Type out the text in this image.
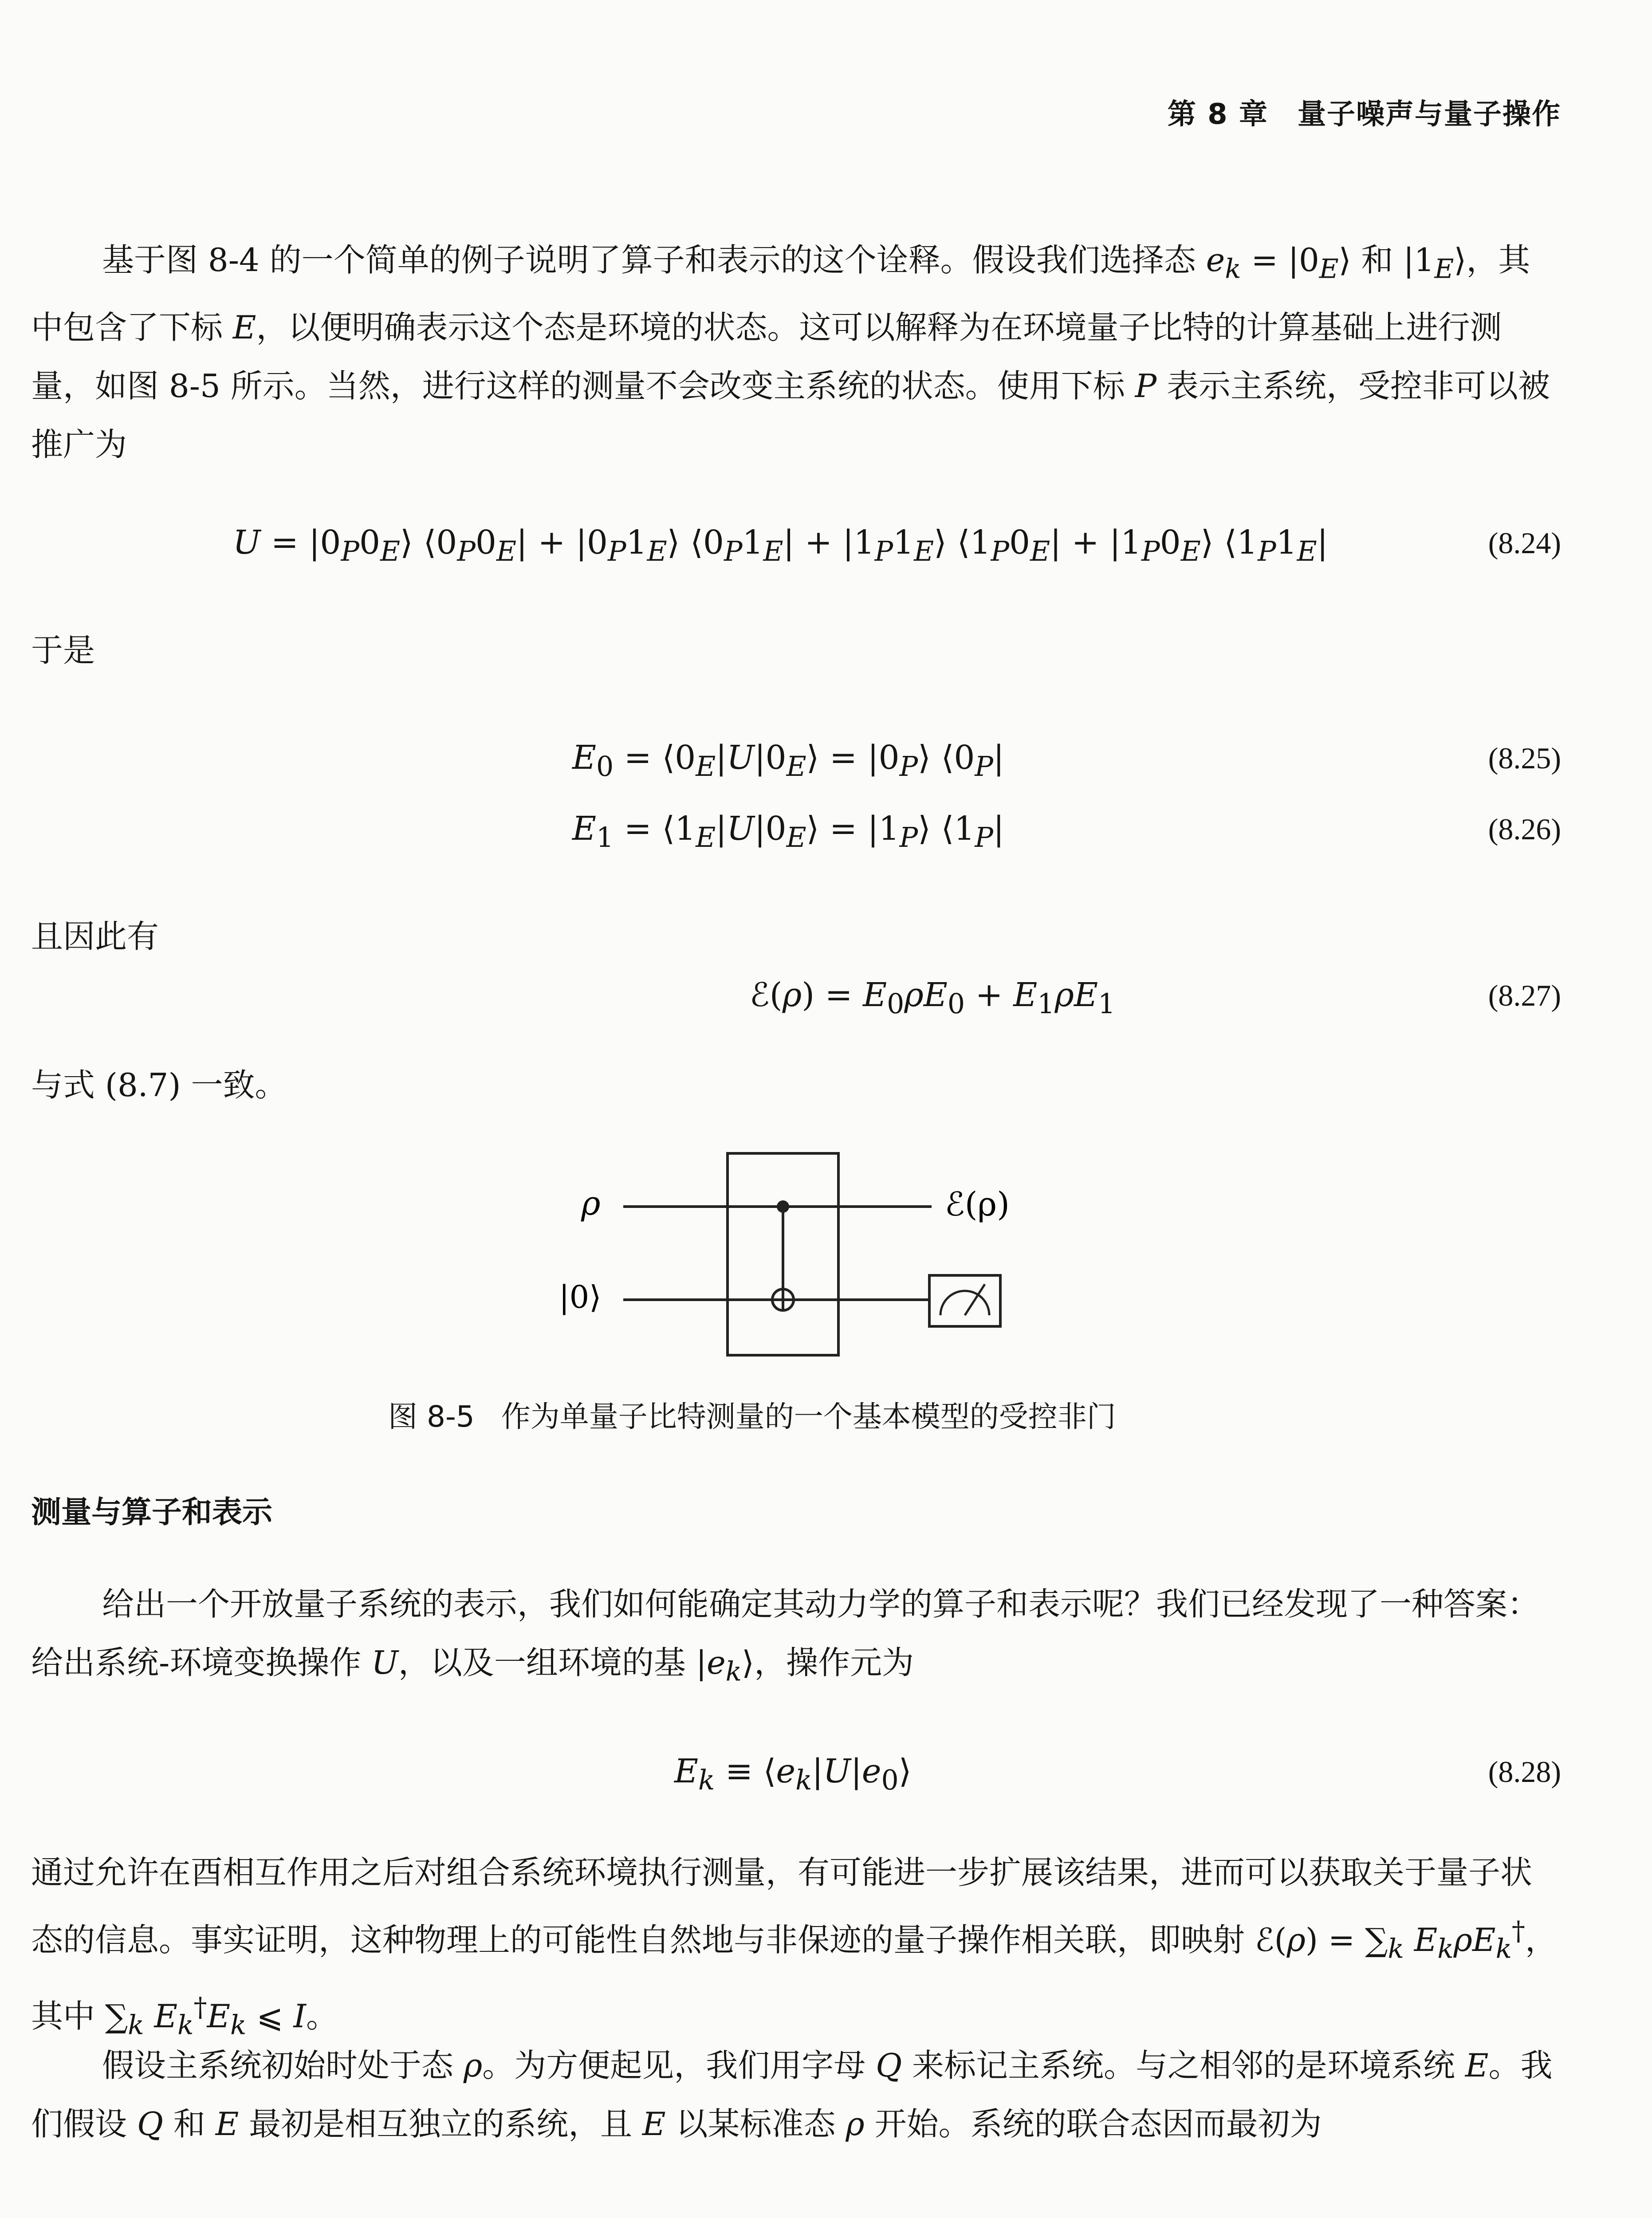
第 8 章　量子噪声与量子操作

基于图 8-4 的一个简单的例子说明了算子和表示的这个诠释。假设我们选择态 $e_k$ = $|0_E⟩$ 和 $|1_E⟩$，其中包含了下标 E，以便明确表示这个态是环境的状态。这可以解释为在环境量子比特的计算基础上进行测量，如图 8-5 所示。当然，进行这样的测量不会改变主系统的状态。使用下标 P 表示主系统，受控非可以被推广为

$U = |0_P0_E⟩$ $⟨0_P0_E|$ + $|0_P1_E⟩$ $⟨0_P1_E|$ + $|1_P1_E⟩$ $⟨1_P0_E|$ + $|1_P0_E⟩$ $⟨1_P1_E|$	(8.24)

于是

$E_0$ = $⟨0_E|U|0_E⟩$ = $|0_P⟩$ $⟨0_P|$	(8.25)
$E_1$ = $⟨1_E|U|0_E⟩$ = $|1_P⟩$ $⟨1_P|$	(8.26)

且因此有

ℰ(ρ) = $E_0\rho E_0 + E_1\rho E_1$	(8.27)

与式 (8.7) 一致。

ρ
|0⟩
ℰ(ρ)
图 8-5 作为单量子比特测量的一个基本模型的受控非门
测量与算子和表示

给出一个开放量子系统的表示，我们如何能确定其动力学的算子和表示呢？我们已经发现了一种答案：给出系统-环境变换操作 U，以及一组环境的基 $|e_k⟩$，操作元为

$E_k$ ≡ $⟨e_k|U|e_0⟩$	(8.28)

通过允许在酉相互作用之后对组合系统环境执行测量，有可能进一步扩展该结果，进而可以获取关于量子状态的信息。事实证明，这种物理上的可能性自然地与非保迹的量子操作相关联，即映射 ℰ(ρ) = $\sum_k$ $E_k\rho E_k^\dagger$，其中 $\sum_k$ $E_k^\dagger E_k$ ⩽ I。

假设主系统初始时处于态 ρ。为方便起见，我们用字母 Q 来标记主系统。与之相邻的是环境系统 E。我们假设 Q 和 E 最初是相互独立的系统，且 E 以某标准态 ρ 开始。系统的联合态因而最初为
